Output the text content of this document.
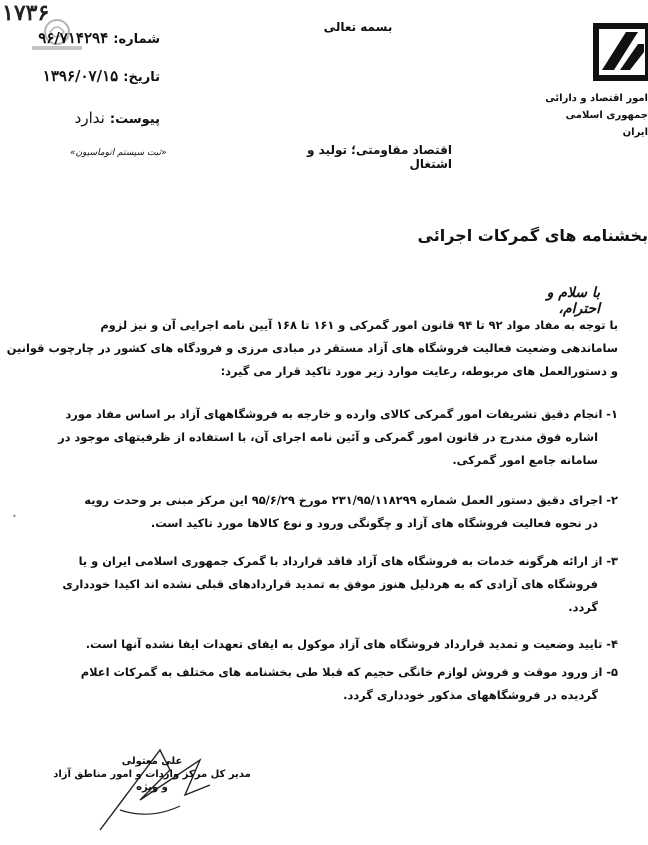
امور اقتصاد و دارائی
جمهوری اسلامی ایران
بسمه تعالی
۱۷۳۶
شماره: ۹۶/۷۱۴۲۹۴
تاریخ: ۱۳۹۶/۰۷/۱۵
پیوست: ندارد
«ثبت سیستم اتوماسیون»	اقتصاد مقاومتی؛ تولید و اشتغال
بخشنامه های گمرکات اجرائی
با سلام و احترام،
با توجه به مفاد مواد ۹۲ تا ۹۴ قانون امور گمرکی و ۱۶۱ تا ۱۶۸ آیین نامه اجرایی آن و نیز لزوم
ساماندهی وضعیت فعالیت فروشگاه های آزاد مستقر در مبادی مرزی و فرودگاه های کشور در چارچوب قوانین
و دستورالعمل های مربوطه، رعایت موارد زیر مورد تاکید قرار می گیرد:
۱- انجام دقیق تشریفات امور گمرکی کالای وارده و خارجه به فروشگاههای آزاد بر اساس مفاد مورد
اشاره فوق مندرج در قانون امور گمرکی و آئین نامه اجرای آن، با استفاده از ظرفیتهای موجود در
سامانه جامع امور گمرکی.
۲- اجرای دقیق دستور العمل شماره ۲۳۱/۹۵/۱۱۸۲۹۹ مورخ ۹۵/۶/۲۹ این مرکز مبنی بر وحدت رویه
در نحوه فعالیت فروشگاه های آزاد و چگونگی ورود و نوع کالاها مورد تاکید است.
۳- از ارائه هرگونه خدمات به فروشگاه های آزاد فاقد قرارداد با گمرک جمهوری اسلامی ایران و یا
فروشگاه های آزادی که به هردلیل هنوز موفق به تمدید قراردادهای قبلی نشده اند اکیدا خودداری
گردد.
۴- تایید وضعیت و تمدید قرارداد فروشگاه های آزاد موکول به ایفای تعهدات ایفا نشده آنها است.
۵- از ورود موقت و فروش لوازم خانگی حجیم که قبلا طی بخشنامه های مختلف به گمرکات اعلام
گردیده در فروشگاههای مذکور خودداری گردد.
علی معتولی
مدیر کل مرکز واردات و امور مناطق آزاد و ویژه
•
